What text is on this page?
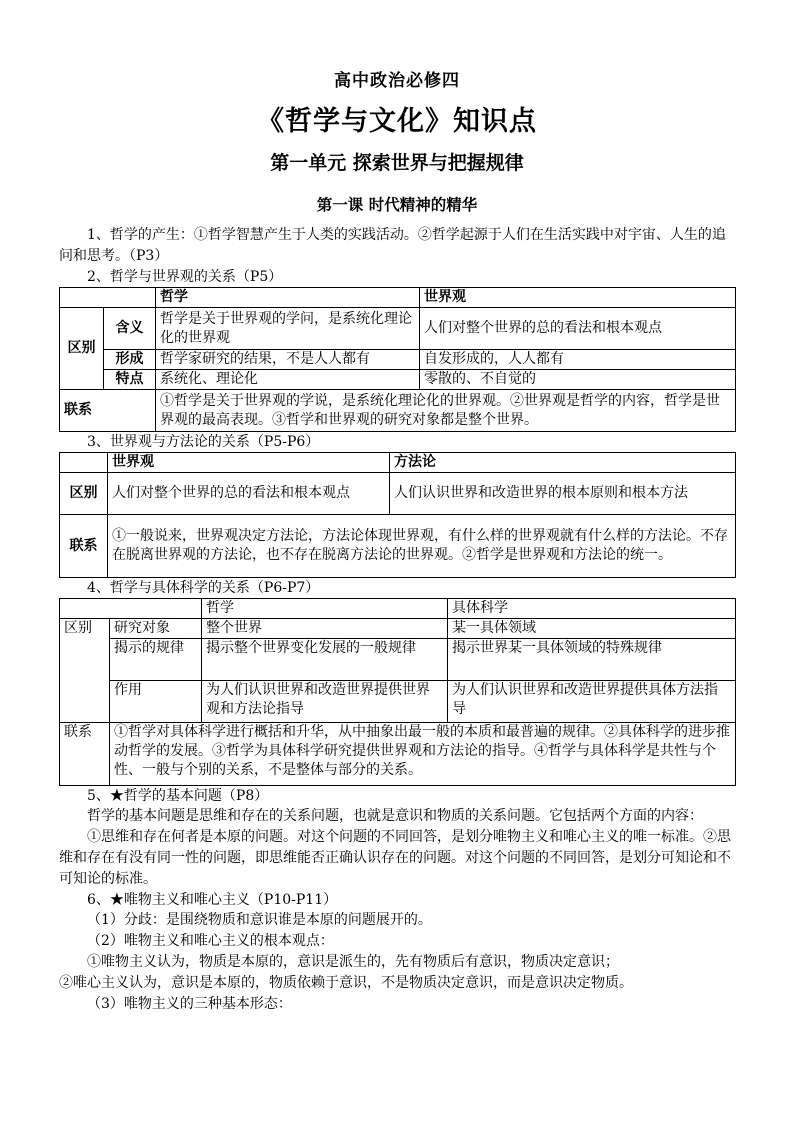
高中政治必修四
《哲学与文化》知识点
第一单元 探索世界与把握规律
第一课 时代精神的精华

1、哲学的产生：①哲学智慧产生于人类的实践活动。②哲学起源于人们在生活实践中对宇宙、人生的追问和思考。（P3）

2、哲学与世界观的关系（P5）
		哲学	世界观
区别	含义	哲学是关于世界观的学问，是系统化理论化的世界观	人们对整个世界的总的看法和根本观点
	形成	哲学家研究的结果，不是人人都有	自发形成的，人人都有
	特点	系统化、理论化	零散的、不自觉的
联系		①哲学是关于世界观的学说，是系统化理论化的世界观。②世界观是哲学的内容，哲学是世界观的最高表现。③哲学和世界观的研究对象都是整个世界。	
3、世界观与方法论的关系（P5-P6）
	世界观	方法论
区别	人们对整个世界的总的看法和根本观点	人们认识世界和改造世界的根本原则和根本方法
联系	①一般说来，世界观决定方法论，方法论体现世界观，有什么样的世界观就有什么样的方法论。不存在脱离世界观的方法论，也不存在脱离方法论的世界观。②哲学是世界观和方法论的统一。	
4、哲学与具体科学的关系（P6-P7）
		哲学	具体科学
区别	研究对象	整个世界	某一具体领域
	揭示的规律	揭示整个世界变化发展的一般规律	揭示世界某一具体领域的特殊规律
	作用	为人们认识世界和改造世界提供世界观和方法论指导	为人们认识世界和改造世界提供具体方法指导
联系	①哲学对具体科学进行概括和升华，从中抽象出最一般的本质和最普遍的规律。②具体科学的进步推动哲学的发展。③哲学为具体科学研究提供世界观和方法论的指导。④哲学与具体科学是共性与个性、一般与个别的关系，不是整体与部分的关系。		
5、★哲学的基本问题（P8）

哲学的基本问题是思维和存在的关系问题，也就是意识和物质的关系问题。它包括两个方面的内容：

①思维和存在何者是本原的问题。对这个问题的不同回答，是划分唯物主义和唯心主义的唯一标准。②思维和存在有没有同一性的问题，即思维能否正确认识存在的问题。对这个问题的不同回答，是划分可知论和不可知论的标准。

6、★唯物主义和唯心主义（P10-P11）

（1）分歧：是围绕物质和意识谁是本原的问题展开的。

（2）唯物主义和唯心主义的根本观点：

①唯物主义认为，物质是本原的，意识是派生的，先有物质后有意识，物质决定意识；

②唯心主义认为，意识是本原的，物质依赖于意识，不是物质决定意识，而是意识决定物质。

（3）唯物主义的三种基本形态：
